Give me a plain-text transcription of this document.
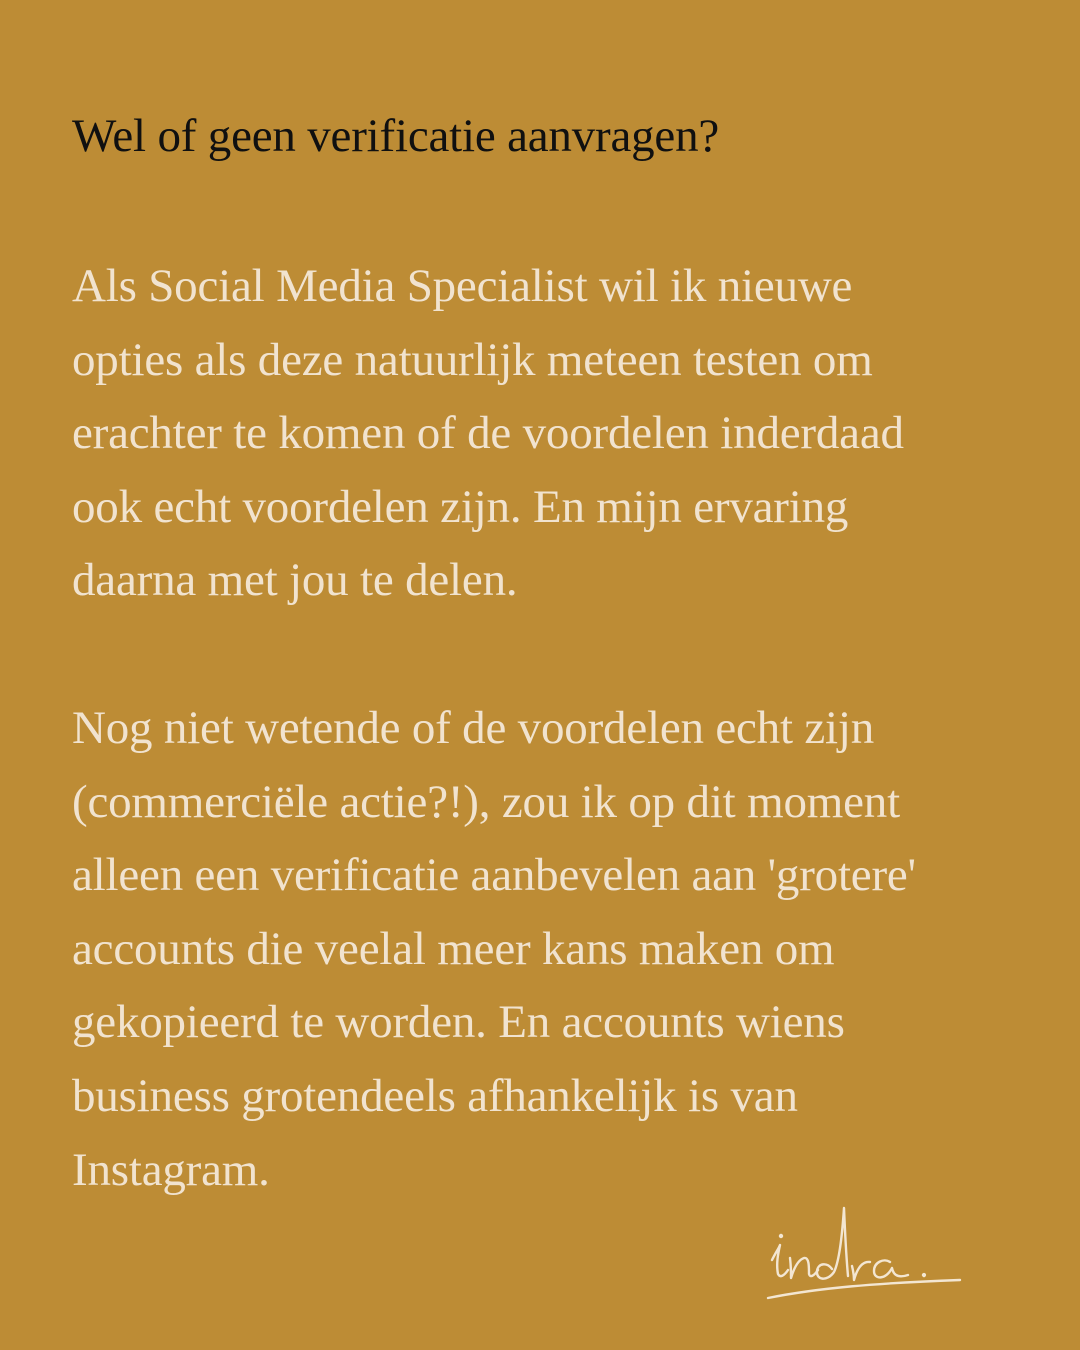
Wel of geen verificatie aanvragen?

Als Social Media Specialist wil ik nieuwe
opties als deze natuurlijk meteen testen om
erachter te komen of de voordelen inderdaad
ook echt voordelen zijn. En mijn ervaring
daarna met jou te delen.

Nog niet wetende of de voordelen echt zijn
(commerciële actie?!), zou ik op dit moment
alleen een verificatie aanbevelen aan 'grotere'
accounts die veelal meer kans maken om
gekopieerd te worden. En accounts wiens
business grotendeels afhankelijk is van
Instagram.
